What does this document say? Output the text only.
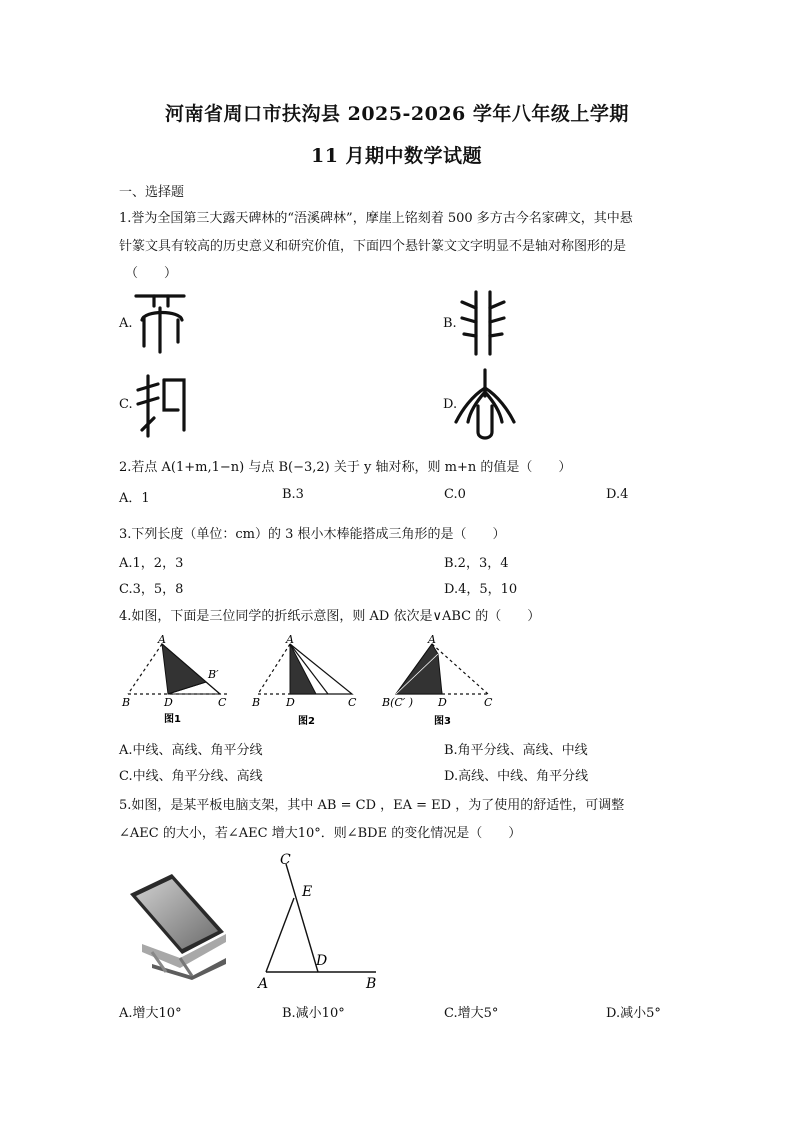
河南省周口市扶沟县 2025-2026 学年八年级上学期
11 月期中数学试题
一、选择题
1.誉为全国第三大露天碑林的“浯溪碑林”，摩崖上铭刻着 500 多方古今名家碑文，其中悬
针篆文具有较高的历史意义和研究价值，下面四个悬针篆文文字明显不是轴对称图形的是
（　　）
A.	B.
C.	D.
2.若点 A(1+m,1−n) 与点 B(−3,2) 关于 y 轴对称，则 m+n 的值是（　　）
A．1	B.3	C.0	D.4
3.下列长度（单位：cm）的 3 根小木棒能搭成三角形的是（　　）
A.1，2，3	B.2，3，4
C.3，5，8	D.4，5，10
4.如图，下面是三位同学的折纸示意图，则 AD 依次是∨ABC 的（　　）
A
B	D	C
B′
图1
A
B D	C
图2
A
B(C′ ) D	C
图3
A.中线、高线、角平分线	B.角平分线、高线、中线
C.中线、角平分线、高线	D.高线、中线、角平分线
5.如图，是某平板电脑支架，其中 AB = CD ，EA = ED ，为了使用的舒适性，可调整
∠AEC 的大小，若∠AEC 增大10°．则∠BDE 的变化情况是（　　）
C
E
A
D
B
A.增大10°	B.减小10°	C.增大5°	D.减小5°
